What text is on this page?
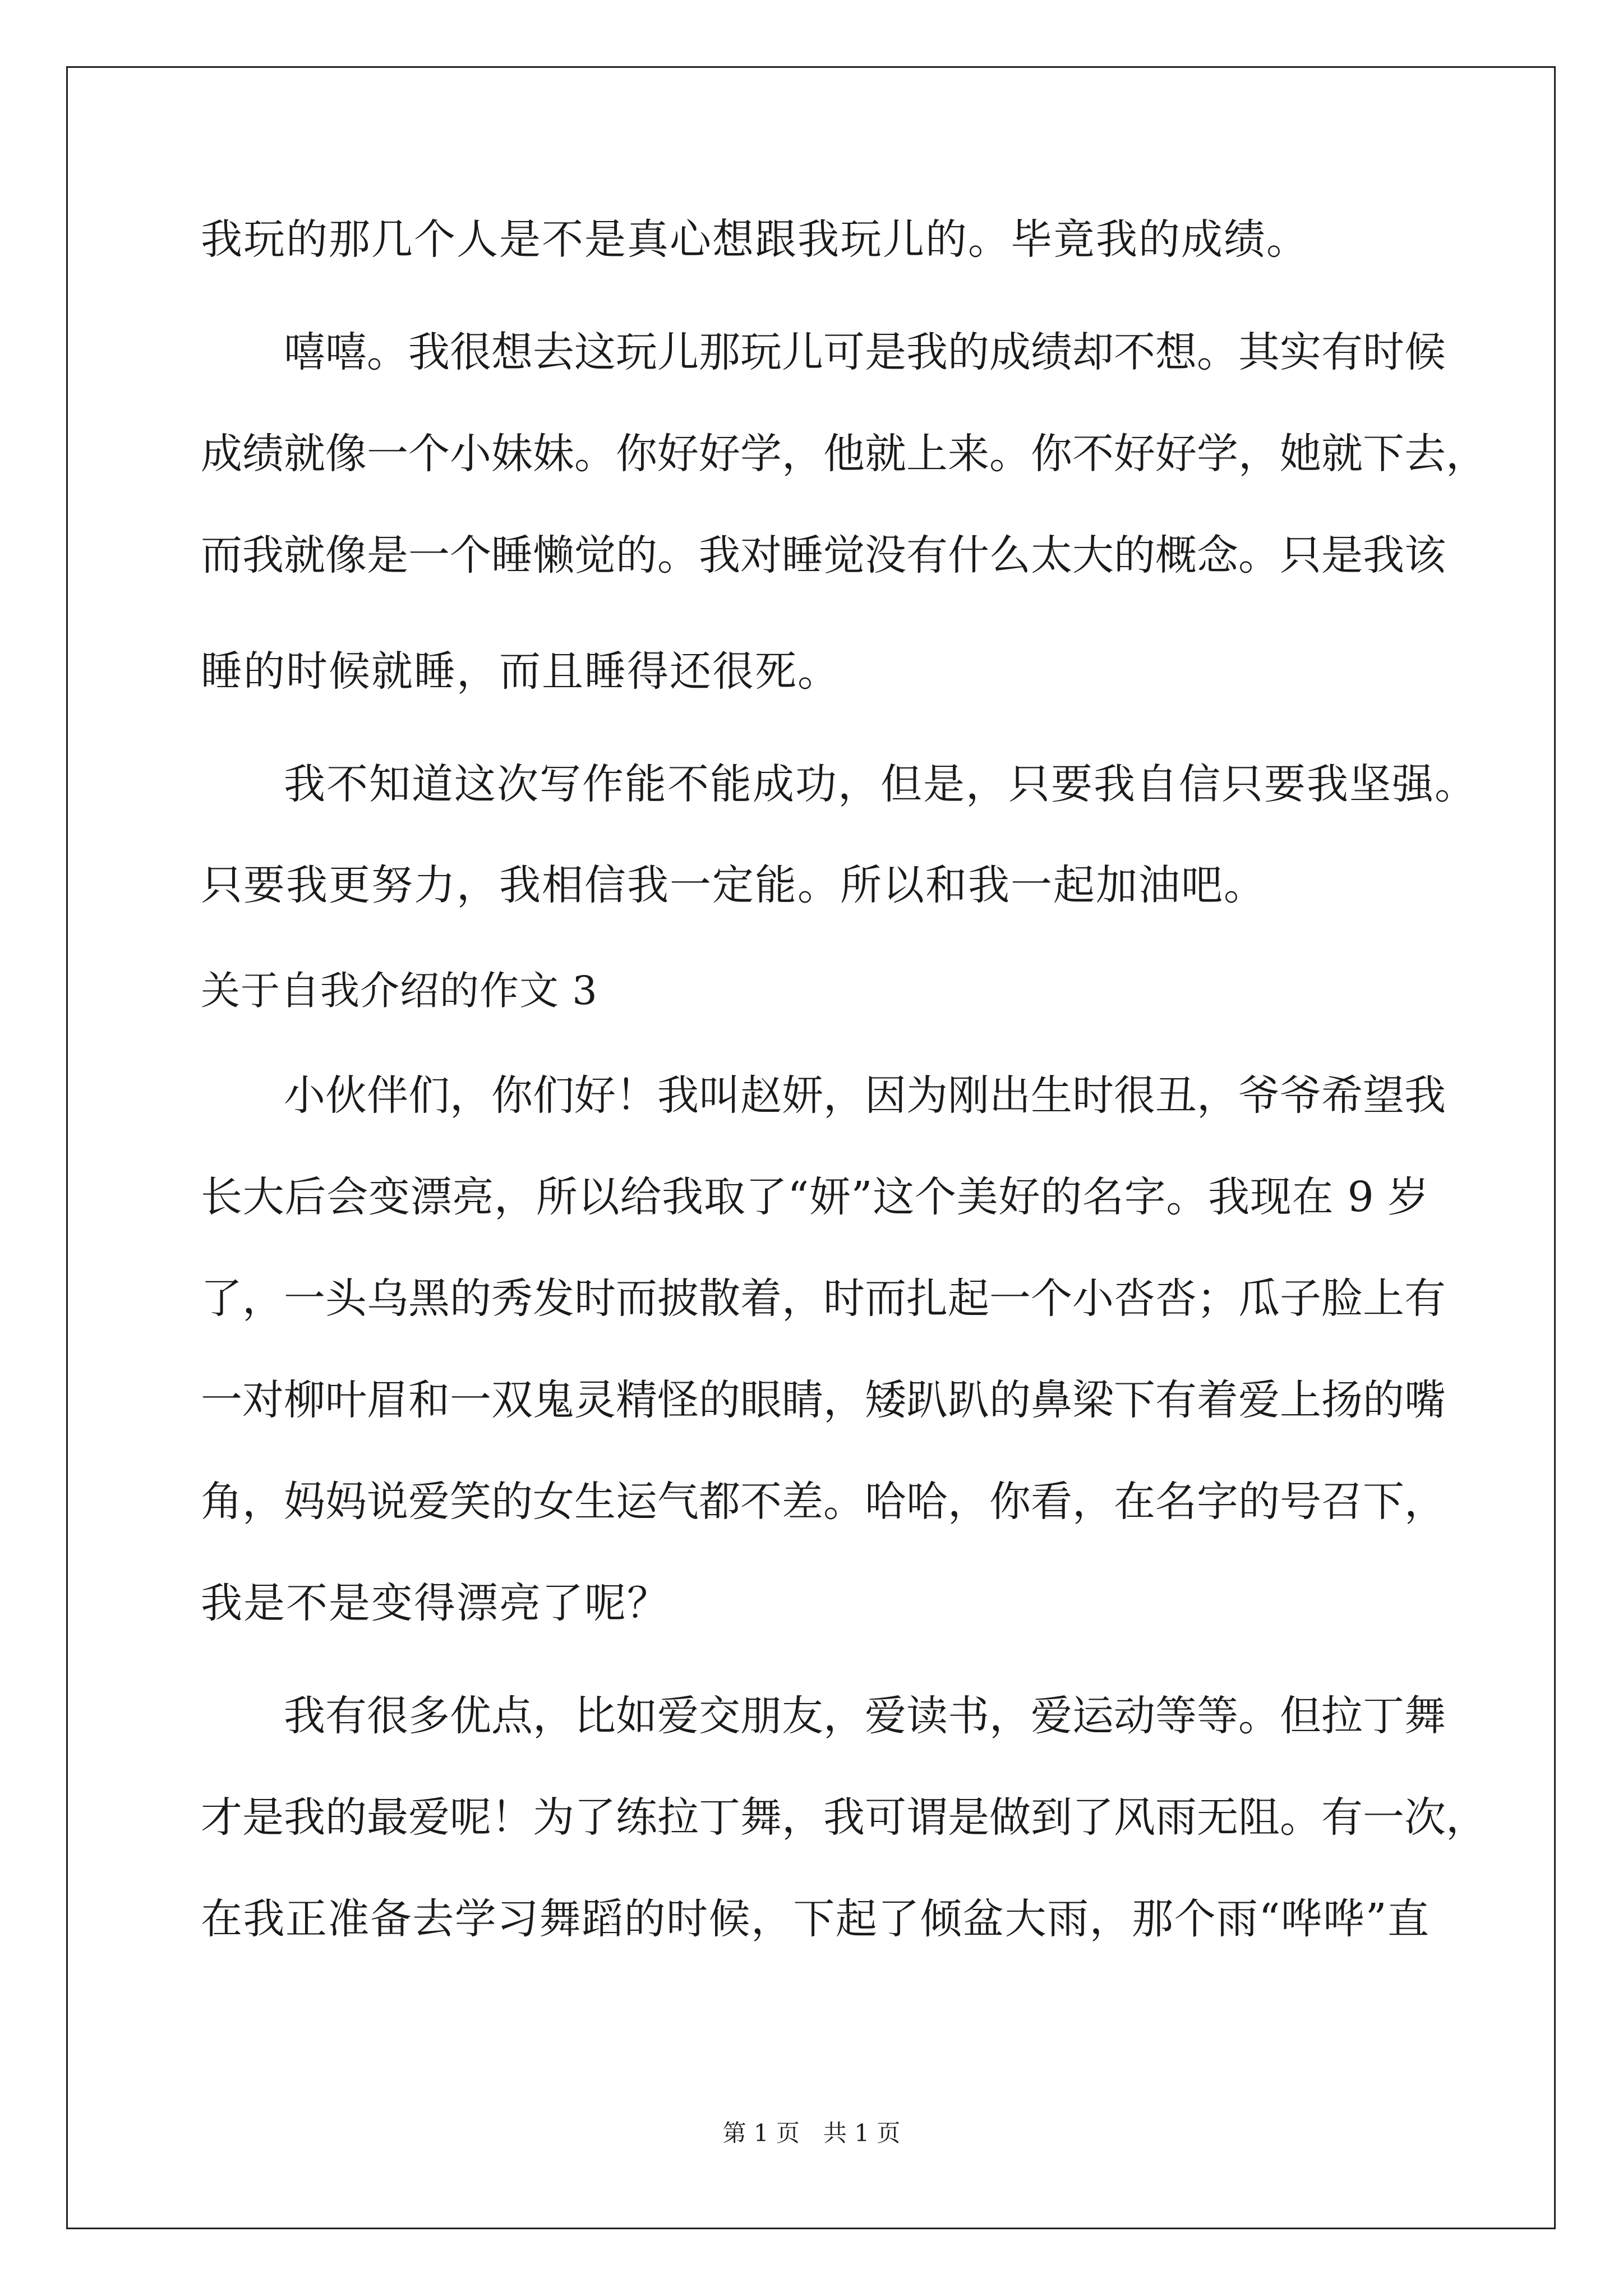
我玩的那几个人是不是真心想跟我玩儿的。毕竟我的成绩。
嘻嘻。我很想去这玩儿那玩儿可是我的成绩却不想。其实有时候
成绩就像一个小妹妹。你好好学，他就上来。你不好好学，她就下去，
而我就像是一个睡懒觉的。我对睡觉没有什么太大的概念。只是我该
睡的时候就睡，而且睡得还很死。
我不知道这次写作能不能成功，但是，只要我自信只要我坚强。
只要我更努力，我相信我一定能。所以和我一起加油吧。
关于自我介绍的作文 3
小伙伴们，你们好！我叫赵妍，因为刚出生时很丑，爷爷希望我
长大后会变漂亮，所以给我取了“妍”这个美好的名字。我现在 9 岁
了，一头乌黑的秀发时而披散着，时而扎起一个小呇呇；瓜子脸上有
一对柳叶眉和一双鬼灵精怪的眼睛，矮趴趴的鼻梁下有着爱上扬的嘴
角，妈妈说爱笑的女生运气都不差。哈哈，你看，在名字的号召下，
我是不是变得漂亮了呢？
我有很多优点，比如爱交朋友，爱读书，爱运动等等。但拉丁舞
才是我的最爱呢！为了练拉丁舞，我可谓是做到了风雨无阻。有一次，
在我正准备去学习舞蹈的时候，下起了倾盆大雨，那个雨“哗哗”直
第 1 页　共 1 页
